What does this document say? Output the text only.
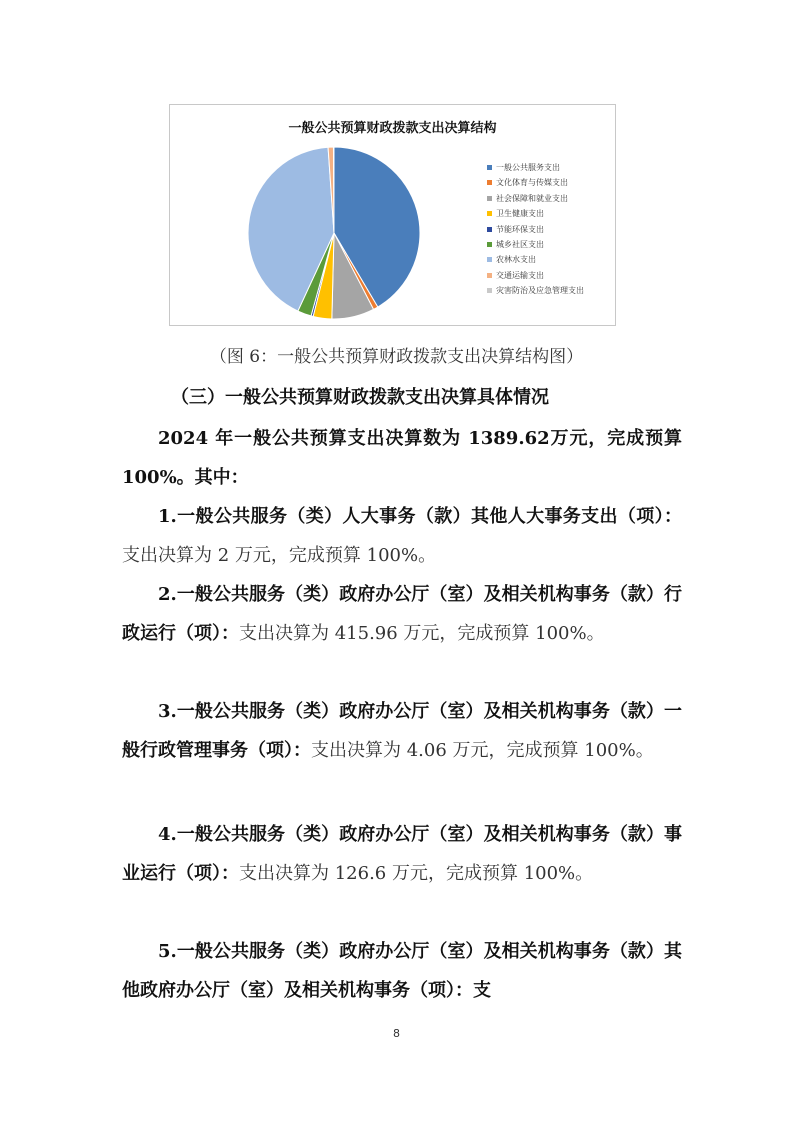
一般公共预算财政拨款支出决算结构
一般公共服务支出
文化体育与传媒支出
社会保障和就业支出
卫生健康支出
节能环保支出
城乡社区支出
农林水支出
交通运输支出
灾害防治及应急管理支出
（图 6：一般公共预算财政拨款支出决算结构图）
（三）一般公共预算财政拨款支出决算具体情况

2024 年一般公共预算支出决算数为 1389.62万元，完成预算 100%。其中：

1.一般公共服务（类）人大事务（款）其他人大事务支出（项）：支出决算为 2 万元，完成预算 100%。

2.一般公共服务（类）政府办公厅（室）及相关机构事务（款）行政运行（项）：支出决算为 415.96 万元，完成预算 100%。

3.一般公共服务（类）政府办公厅（室）及相关机构事务（款）一般行政管理事务（项）：支出决算为 4.06 万元，完成预算 100%。

4.一般公共服务（类）政府办公厅（室）及相关机构事务（款）事业运行（项）：支出决算为 126.6 万元，完成预算 100%。

5.一般公共服务（类）政府办公厅（室）及相关机构事务（款）其他政府办公厅（室）及相关机构事务（项）：支

8
